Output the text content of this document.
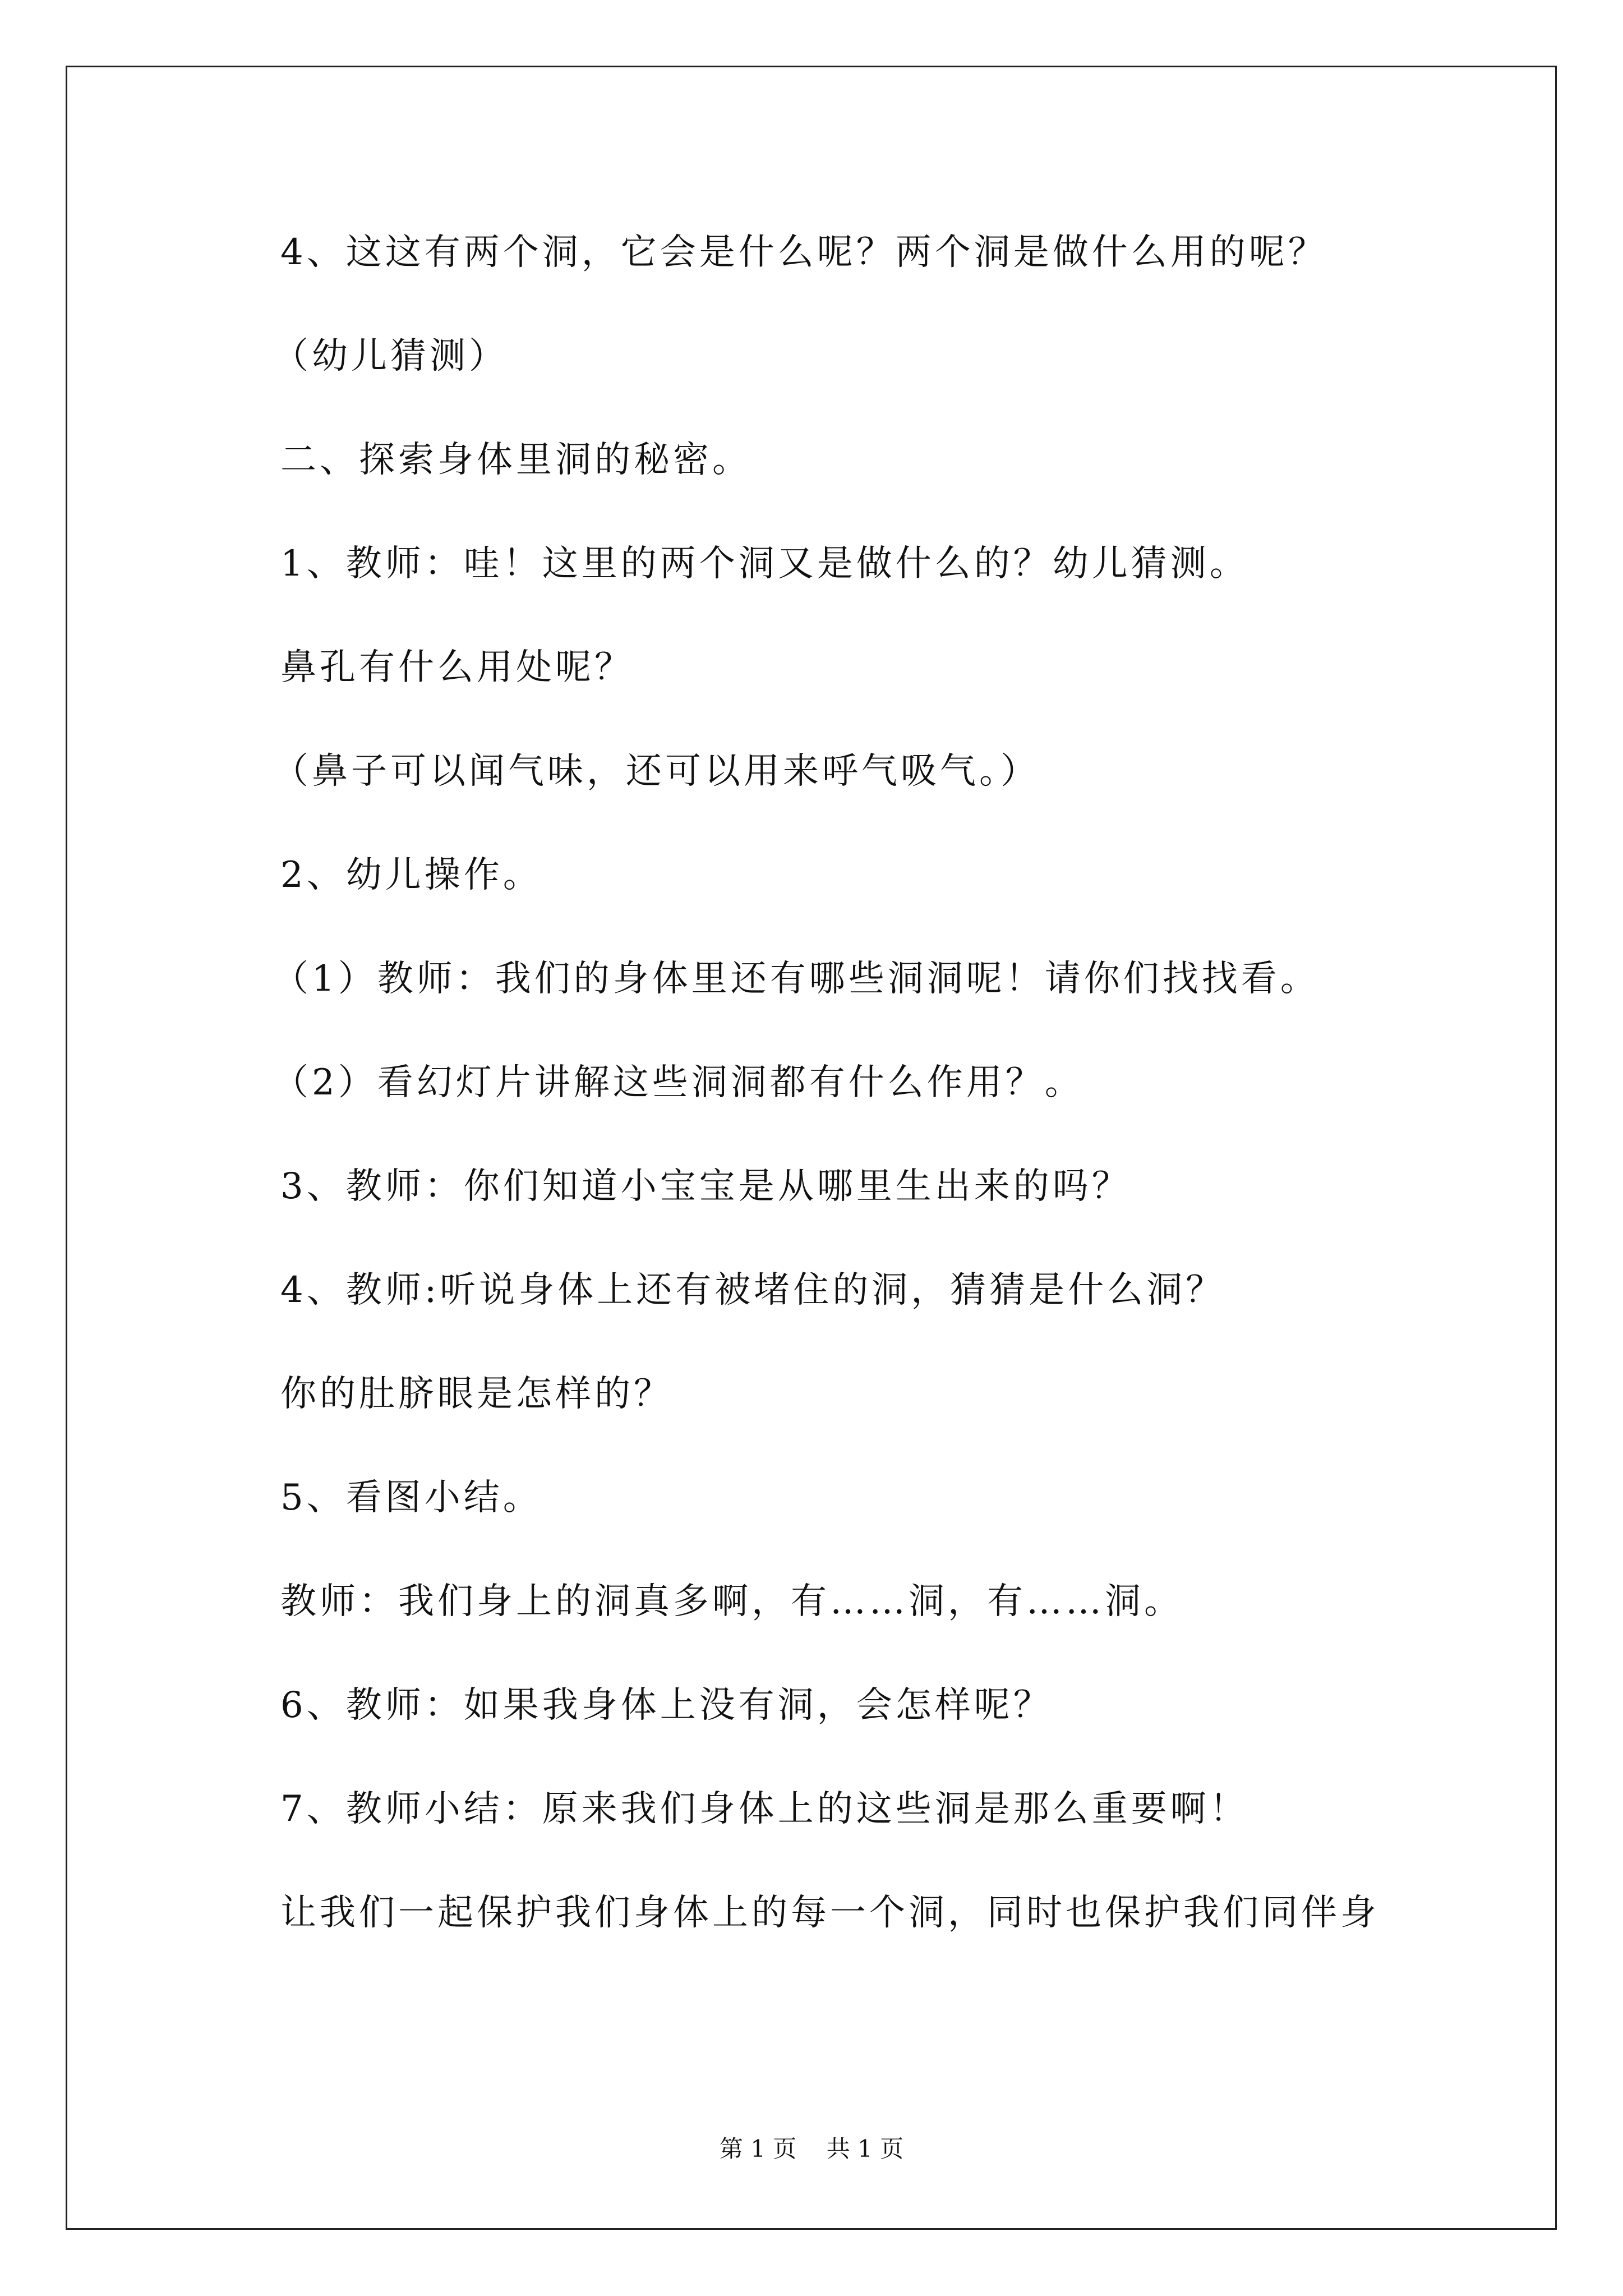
4、这这有两个洞，它会是什么呢？两个洞是做什么用的呢？
（幼儿猜测）
二、探索身体里洞的秘密。
1、教师：哇！这里的两个洞又是做什么的？幼儿猜测。
鼻孔有什么用处呢？
（鼻子可以闻气味，还可以用来呼气吸气。）
2、幼儿操作。
（1）教师：我们的身体里还有哪些洞洞呢！请你们找找看。
（2）看幻灯片讲解这些洞洞都有什么作用？。
3、教师：你们知道小宝宝是从哪里生出来的吗？
4、教师:听说身体上还有被堵住的洞，猜猜是什么洞？
你的肚脐眼是怎样的？
5、看图小结。
教师：我们身上的洞真多啊，有……洞，有……洞。
6、教师：如果我身体上没有洞，会怎样呢？
7、教师小结：原来我们身体上的这些洞是那么重要啊！
让我们一起保护我们身体上的每一个洞，同时也保护我们同伴身
第 1 页    共 1 页
